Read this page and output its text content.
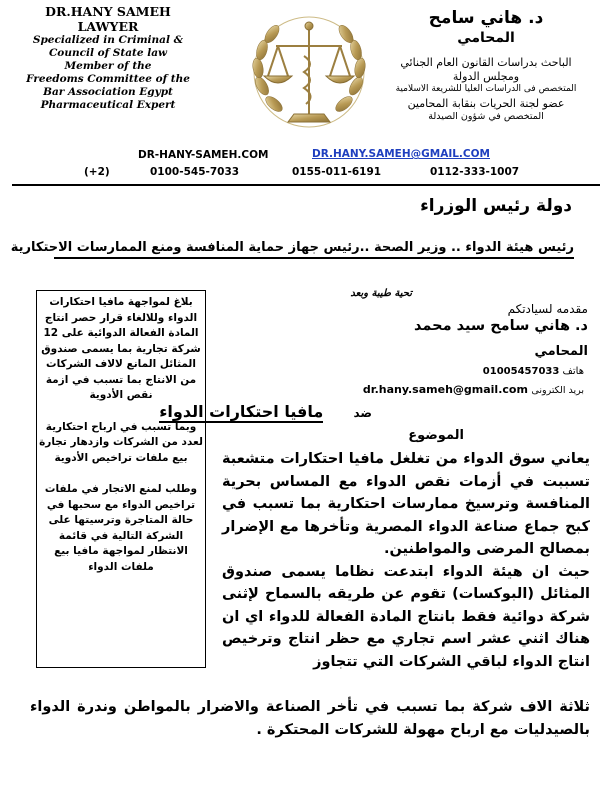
DR.HANY SAMEH
LAWYER
Specialized in Criminal &
Council of State law
Member of the
Freedoms Committee of the
Bar Association Egypt
Pharmaceutical Expert
د. هاني سامح
المحامي
الباحث بدراسات القانون العام الجنائي
ومجلس الدولة
المتخصص فى الدراسات العليا للشريعة الاسلامية
عضو لجنة الحريات بنقابة المحامين
المتخصص في شؤون الصيدلة
DR-HANY-SAMEH.COM	DR.HANY.SAMEH@GMAIL.COM
(+2)	0100-545-7033	0155-011-6191	0112-333-1007
دولة رئيس الوزراء
رئيس هيئة الدواء .. وزير الصحة ..رئيس جهاز حماية المنافسة ومنع الممارسات الاحتكارية

بلاغ لمواجهة مافيا احتكارات الدواء وللالغاء قرار حصر انتاج المادة الفعالة الدوائية على 12 شركة تجارية بما يسمى صندوق المثائل المانع لالاف الشركات من الانتاج بما تسبب في ازمة نقص الأدوية

وبما تسبب في ارباح احتكارية لعدد من الشركات وازدهار تجارة بيع ملفات تراخيص الأدوية

وطلب لمنع الاتجار في ملفات تراخيص الدواء مع سحبها في حالة المتاجرة وترسيتها على الشركة التالية في قائمة الانتظار لمواجهة مافيا بيع ملفات الدواء

تحية طيبة وبعد
مقدمه لسيادتكم
د. هاني سامح سيد محمد
المحامي
هاتف 01005457033
بريد الكترونى dr.hany.sameh@gmail.com
ضد مافيا احتكارات الدواء
الموضوع

يعاني سوق الدواء من تغلغل مافيا احتكارات متشعبة تسببت في أزمات نقص الدواء مع المساس بحرية المنافسة وترسيخ ممارسات احتكارية بما تسبب في كبح جماع صناعة الدواء المصرية وتأخرها مع الإضرار بمصالح المرضى والمواطنين.

حيث ان هيئة الدواء ابتدعت نظاما يسمى صندوق المثائل (البوكسات) تقوم عن طريقه بالسماح لإثنى شركة دوائية فقط بانتاج المادة الفعالة للدواء اي ان هناك اثني عشر اسم تجاري مع حظر انتاج وترخيص انتاج الدواء لباقي الشركات التي تتجاوز

ثلاثة الاف شركة بما تسبب في تأخر الصناعة والاضرار بالمواطن وندرة الدواء بالصيدليات مع ارباح مهولة للشركات المحتكرة .
